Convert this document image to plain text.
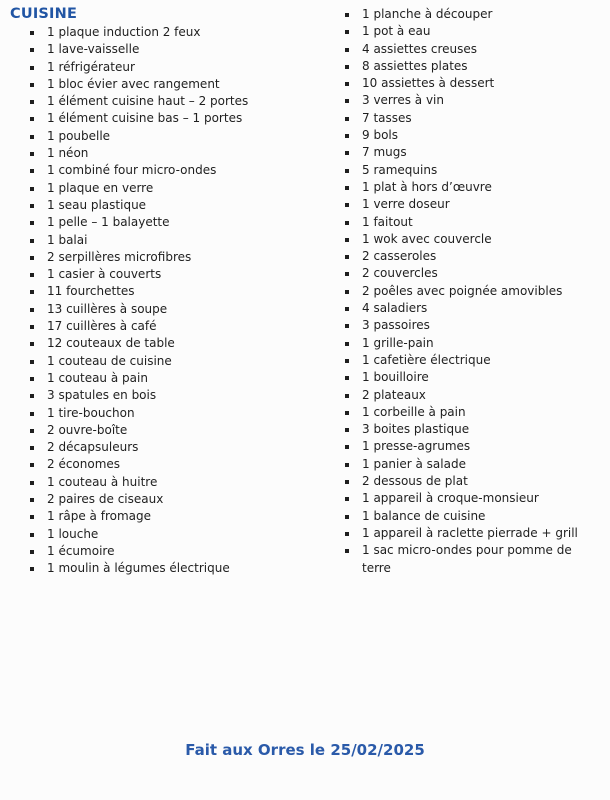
CUISINE
1 plaque induction 2 feux
1 lave-vaisselle
1 réfrigérateur
1 bloc évier avec rangement
1 élément cuisine haut – 2 portes
1 élément cuisine bas – 1 portes
1 poubelle
1 néon
1 combiné four micro-ondes
1 plaque en verre
1 seau plastique
1 pelle – 1 balayette
1 balai
2 serpillères microfibres
1 casier à couverts
11 fourchettes
13 cuillères à soupe
17 cuillères à café
12 couteaux de table
1 couteau de cuisine
1 couteau à pain
3 spatules en bois
1 tire-bouchon
2 ouvre-boîte
2 décapsuleurs
2 économes
1 couteau à huitre
2 paires de ciseaux
1 râpe à fromage
1 louche
1 écumoire
1 moulin à légumes électrique
1 planche à découper
1 pot à eau
4 assiettes creuses
8 assiettes plates
10 assiettes à dessert
3 verres à vin
7 tasses
9 bols
7 mugs
5 ramequins
1 plat à hors d’œuvre
1 verre doseur
1 faitout
1 wok avec couvercle
2 casseroles
2 couvercles
2 poêles avec poignée amovibles
4 saladiers
3 passoires
1 grille-pain
1 cafetière électrique
1 bouilloire
2 plateaux
1 corbeille à pain
3 boites plastique
1 presse-agrumes
1 panier à salade
2 dessous de plat
1 appareil à croque-monsieur
1 balance de cuisine
1 appareil à raclette pierrade + grill
1 sac micro-ondes pour pomme de terre
Fait aux Orres le 25/02/2025
